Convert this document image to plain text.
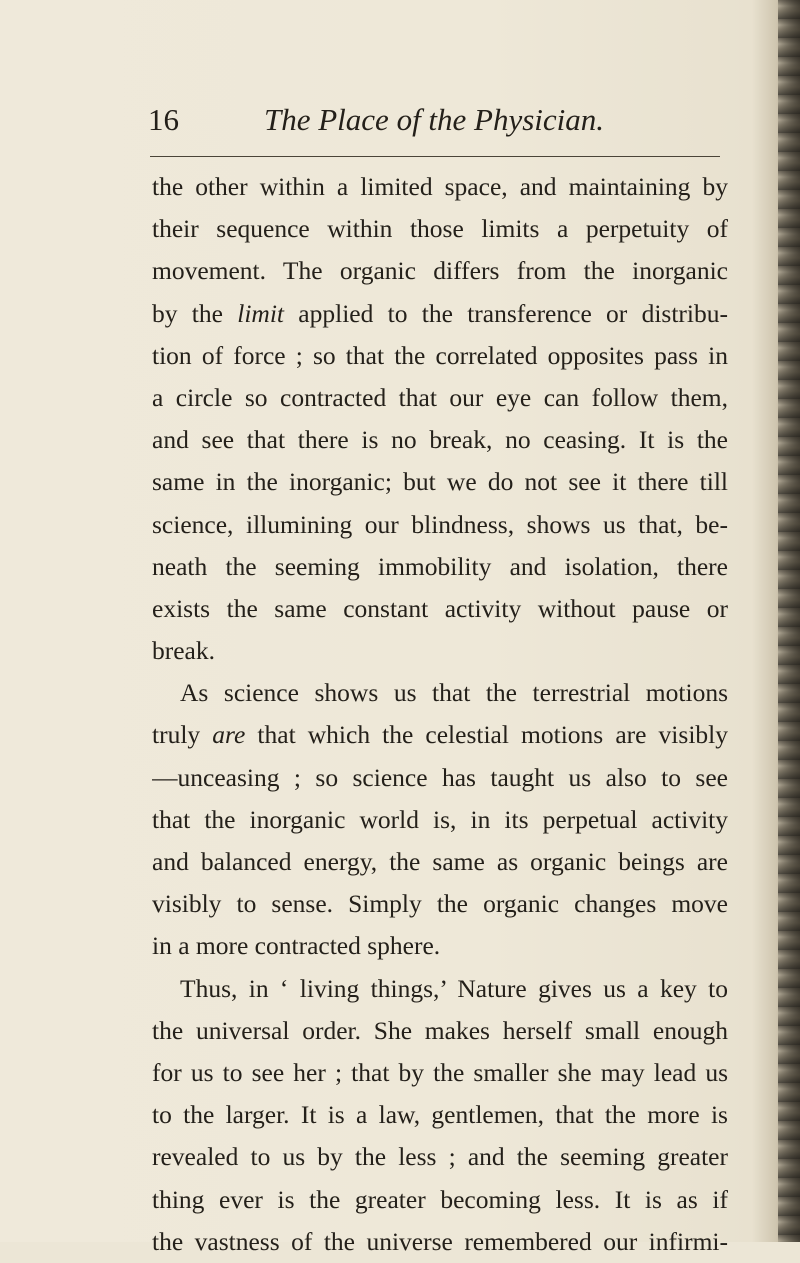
16	The Place of the Physician.
the other within a limited space, and maintaining by
their sequence within those limits a perpetuity of
movement. The organic differs from the inorganic
by the limit applied to the transference or distribu-
tion of force ; so that the correlated opposites pass in
a circle so contracted that our eye can follow them,
and see that there is no break, no ceasing. It is the
same in the inorganic; but we do not see it there till
science, illumining our blindness, shows us that, be-
neath the seeming immobility and isolation, there
exists the same constant activity without pause or
break.
As science shows us that the terrestrial motions
truly are that which the celestial motions are visibly
—unceasing ; so science has taught us also to see
that the inorganic world is, in its perpetual activity
and balanced energy, the same as organic beings are
visibly to sense. Simply the organic changes move
in a more contracted sphere.
Thus, in ‘ living things,’ Nature gives us a key to
the universal order. She makes herself small enough
for us to see her ; that by the smaller she may lead us
to the larger. It is a law, gentlemen, that the more is
revealed to us by the less ; and the seeming greater
thing ever is the greater becoming less. It is as if
the vastness of the universe remembered our infirmi-
